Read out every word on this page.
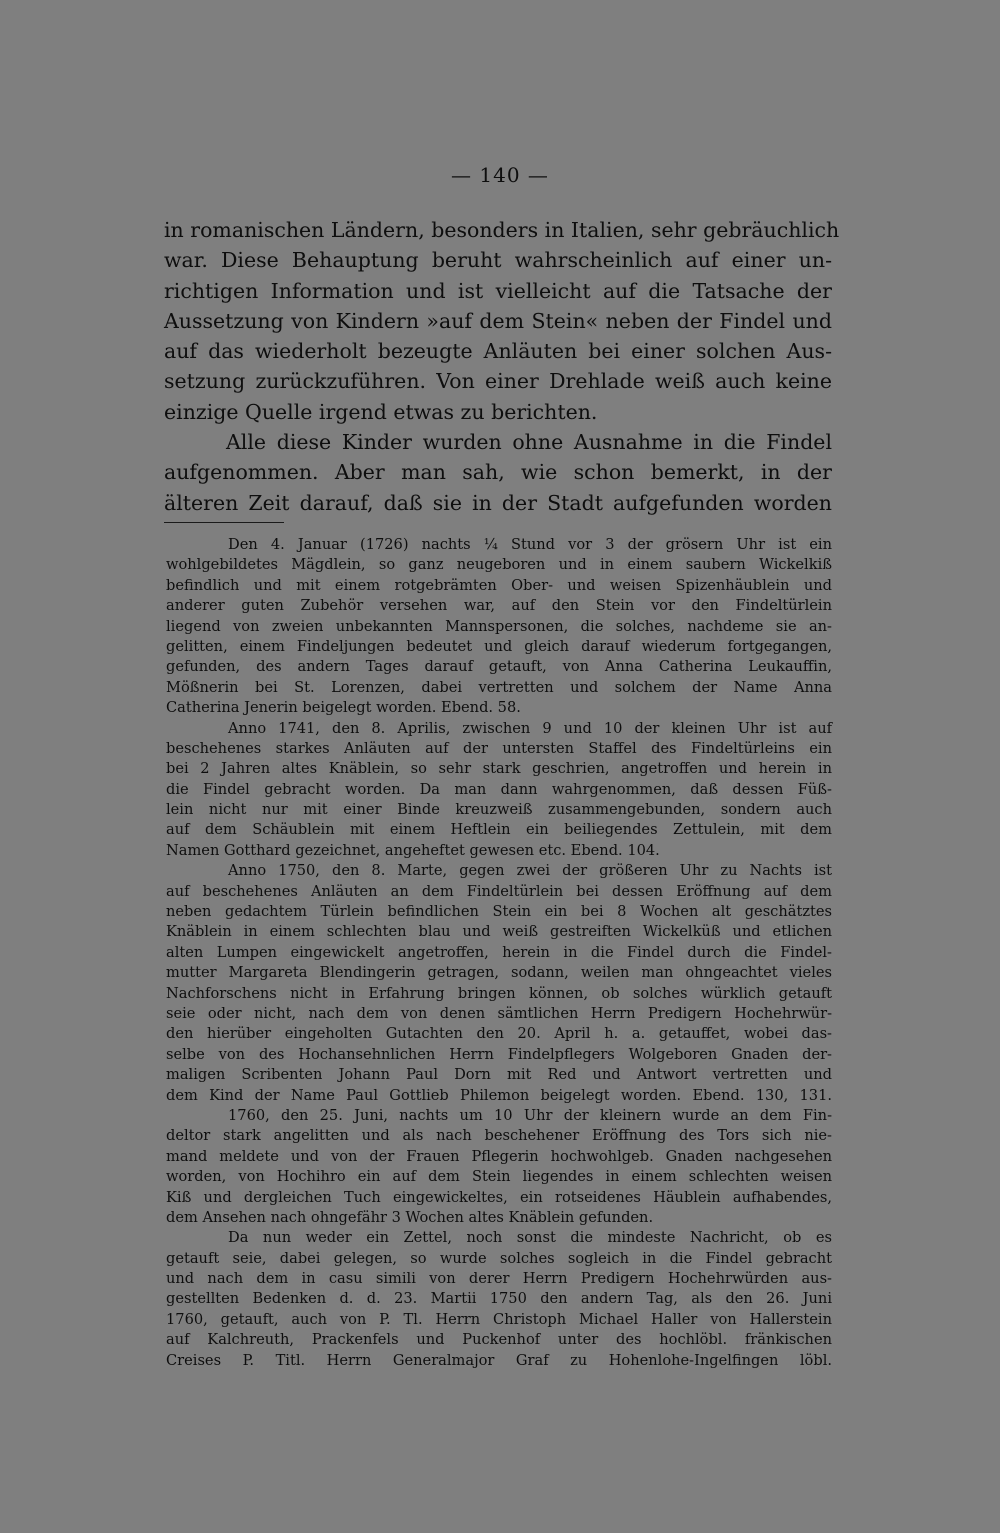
— 140 —
in romanischen Ländern, besonders in Italien, sehr gebräuchlich
war. Diese Behauptung beruht wahrscheinlich auf einer un-
richtigen Information und ist vielleicht auf die Tatsache der
Aussetzung von Kindern »auf dem Stein« neben der Findel und
auf das wiederholt bezeugte Anläuten bei einer solchen Aus-
setzung zurückzuführen. Von einer Drehlade weiß auch keine
einzige Quelle irgend etwas zu berichten.
Alle diese Kinder wurden ohne Ausnahme in die Findel
aufgenommen. Aber man sah, wie schon bemerkt, in der
älteren Zeit darauf, daß sie in der Stadt aufgefunden worden
Den 4. Januar (1726) nachts ¼ Stund vor 3 der grösern Uhr ist ein
wohlgebildetes Mägdlein, so ganz neugeboren und in einem saubern Wickelkiß
befindlich und mit einem rotgebrämten Ober- und weisen Spizenhäublein und
anderer guten Zubehör versehen war, auf den Stein vor den Findeltürlein
liegend von zweien unbekannten Mannspersonen, die solches, nachdeme sie an-
gelitten, einem Findeljungen bedeutet und gleich darauf wiederum fortgegangen,
gefunden, des andern Tages darauf getauft, von Anna Catherina Leukauffin,
Mößnerin bei St. Lorenzen, dabei vertretten und solchem der Name Anna
Catherina Jenerin beigelegt worden. Ebend. 58.
Anno 1741, den 8. Aprilis, zwischen 9 und 10 der kleinen Uhr ist auf
beschehenes starkes Anläuten auf der untersten Staffel des Findeltürleins ein
bei 2 Jahren altes Knäblein, so sehr stark geschrien, angetroffen und herein in
die Findel gebracht worden. Da man dann wahrgenommen, daß dessen Füß-
lein nicht nur mit einer Binde kreuzweiß zusammengebunden, sondern auch
auf dem Schäublein mit einem Heftlein ein beiliegendes Zettulein, mit dem
Namen Gotthard gezeichnet, angeheftet gewesen etc. Ebend. 104.
Anno 1750, den 8. Marte, gegen zwei der größeren Uhr zu Nachts ist
auf beschehenes Anläuten an dem Findeltürlein bei dessen Eröffnung auf dem
neben gedachtem Türlein befindlichen Stein ein bei 8 Wochen alt geschätztes
Knäblein in einem schlechten blau und weiß gestreiften Wickelküß und etlichen
alten Lumpen eingewickelt angetroffen, herein in die Findel durch die Findel-
mutter Margareta Blendingerin getragen, sodann, weilen man ohngeachtet vieles
Nachforschens nicht in Erfahrung bringen können, ob solches würklich getauft
seie oder nicht, nach dem von denen sämtlichen Herrn Predigern Hochehrwür-
den hierüber eingeholten Gutachten den 20. April h. a. getauffet, wobei das-
selbe von des Hochansehnlichen Herrn Findelpflegers Wolgeboren Gnaden der-
maligen Scribenten Johann Paul Dorn mit Red und Antwort vertretten und
dem Kind der Name Paul Gottlieb Philemon beigelegt worden. Ebend. 130, 131.
1760, den 25. Juni, nachts um 10 Uhr der kleinern wurde an dem Fin-
deltor stark angelitten und als nach beschehener Eröffnung des Tors sich nie-
mand meldete und von der Frauen Pflegerin hochwohlgeb. Gnaden nachgesehen
worden, von Hochihro ein auf dem Stein liegendes in einem schlechten weisen
Kiß und dergleichen Tuch eingewickeltes, ein rotseidenes Häublein aufhabendes,
dem Ansehen nach ohngefähr 3 Wochen altes Knäblein gefunden.
Da nun weder ein Zettel, noch sonst die mindeste Nachricht, ob es
getauft seie, dabei gelegen, so wurde solches sogleich in die Findel gebracht
und nach dem in casu simili von derer Herrn Predigern Hochehrwürden aus-
gestellten Bedenken d. d. 23. Martii 1750 den andern Tag, als den 26. Juni
1760, getauft, auch von P. Tl. Herrn Christoph Michael Haller von Hallerstein
auf Kalchreuth, Prackenfels und Puckenhof unter des hochlöbl. fränkischen
Creises P. Titl. Herrn Generalmajor Graf zu Hohenlohe-Ingelfingen löbl.
